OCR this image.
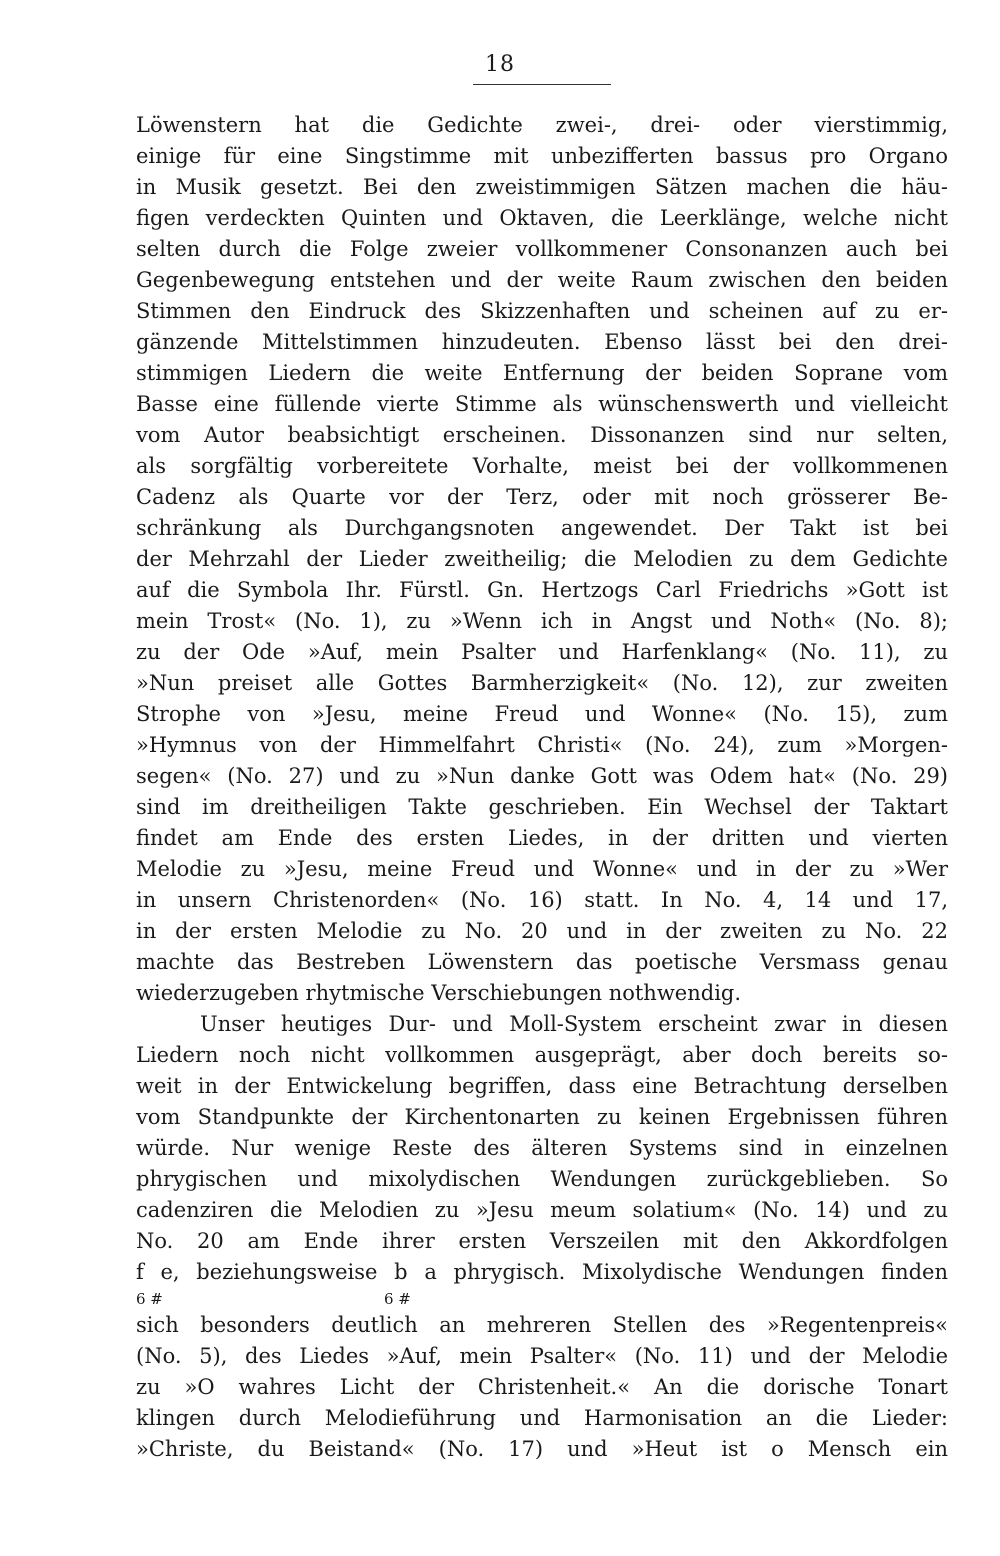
18
Löwenstern hat die Gedichte zwei-, drei- oder vierstimmig,
einige für eine Singstimme mit unbezifferten bassus pro Organo
in Musik gesetzt. Bei den zweistimmigen Sätzen machen die häu-
figen verdeckten Quinten und Oktaven, die Leerklänge, welche nicht
selten durch die Folge zweier vollkommener Consonanzen auch bei
Gegenbewegung entstehen und der weite Raum zwischen den beiden
Stimmen den Eindruck des Skizzenhaften und scheinen auf zu er-
gänzende Mittelstimmen hinzudeuten. Ebenso lässt bei den drei-
stimmigen Liedern die weite Entfernung der beiden Soprane vom
Basse eine füllende vierte Stimme als wünschenswerth und vielleicht
vom Autor beabsichtigt erscheinen. Dissonanzen sind nur selten,
als sorgfältig vorbereitete Vorhalte, meist bei der vollkommenen
Cadenz als Quarte vor der Terz, oder mit noch grösserer Be-
schränkung als Durchgangsnoten angewendet. Der Takt ist bei
der Mehrzahl der Lieder zweitheilig; die Melodien zu dem Gedichte
auf die Symbola Ihr. Fürstl. Gn. Hertzogs Carl Friedrichs »Gott ist
mein Trost« (No. 1), zu »Wenn ich in Angst und Noth« (No. 8);
zu der Ode »Auf, mein Psalter und Harfenklang« (No. 11), zu
»Nun preiset alle Gottes Barmherzigkeit« (No. 12), zur zweiten
Strophe von »Jesu, meine Freud und Wonne« (No. 15), zum
»Hymnus von der Himmelfahrt Christi« (No. 24), zum »Morgen-
segen« (No. 27) und zu »Nun danke Gott was Odem hat« (No. 29)
sind im dreitheiligen Takte geschrieben. Ein Wechsel der Taktart
findet am Ende des ersten Liedes, in der dritten und vierten
Melodie zu »Jesu, meine Freud und Wonne« und in der zu »Wer
in unsern Christenorden« (No. 16) statt. In No. 4, 14 und 17,
in der ersten Melodie zu No. 20 und in der zweiten zu No. 22
machte das Bestreben Löwenstern das poetische Versmass genau
wiederzugeben rhytmische Verschiebungen nothwendig.
Unser heutiges Dur- und Moll-System erscheint zwar in diesen
Liedern noch nicht vollkommen ausgeprägt, aber doch bereits so-
weit in der Entwickelung begriffen, dass eine Betrachtung derselben
vom Standpunkte der Kirchentonarten zu keinen Ergebnissen führen
würde. Nur wenige Reste des älteren Systems sind in einzelnen
phrygischen und mixolydischen Wendungen zurückgeblieben. So
cadenziren die Melodien zu »Jesu meum solatium« (No. 14) und zu
No. 20 am Ende ihrer ersten Verszeilen mit den Akkordfolgen
f e, beziehungsweise b a phrygisch. Mixolydische Wendungen finden
6 #	6 #
sich besonders deutlich an mehreren Stellen des »Regentenpreis«
(No. 5), des Liedes »Auf, mein Psalter« (No. 11) und der Melodie
zu »O wahres Licht der Christenheit.« An die dorische Tonart
klingen durch Melodieführung und Harmonisation an die Lieder:
»Christe, du Beistand« (No. 17) und »Heut ist o Mensch ein
